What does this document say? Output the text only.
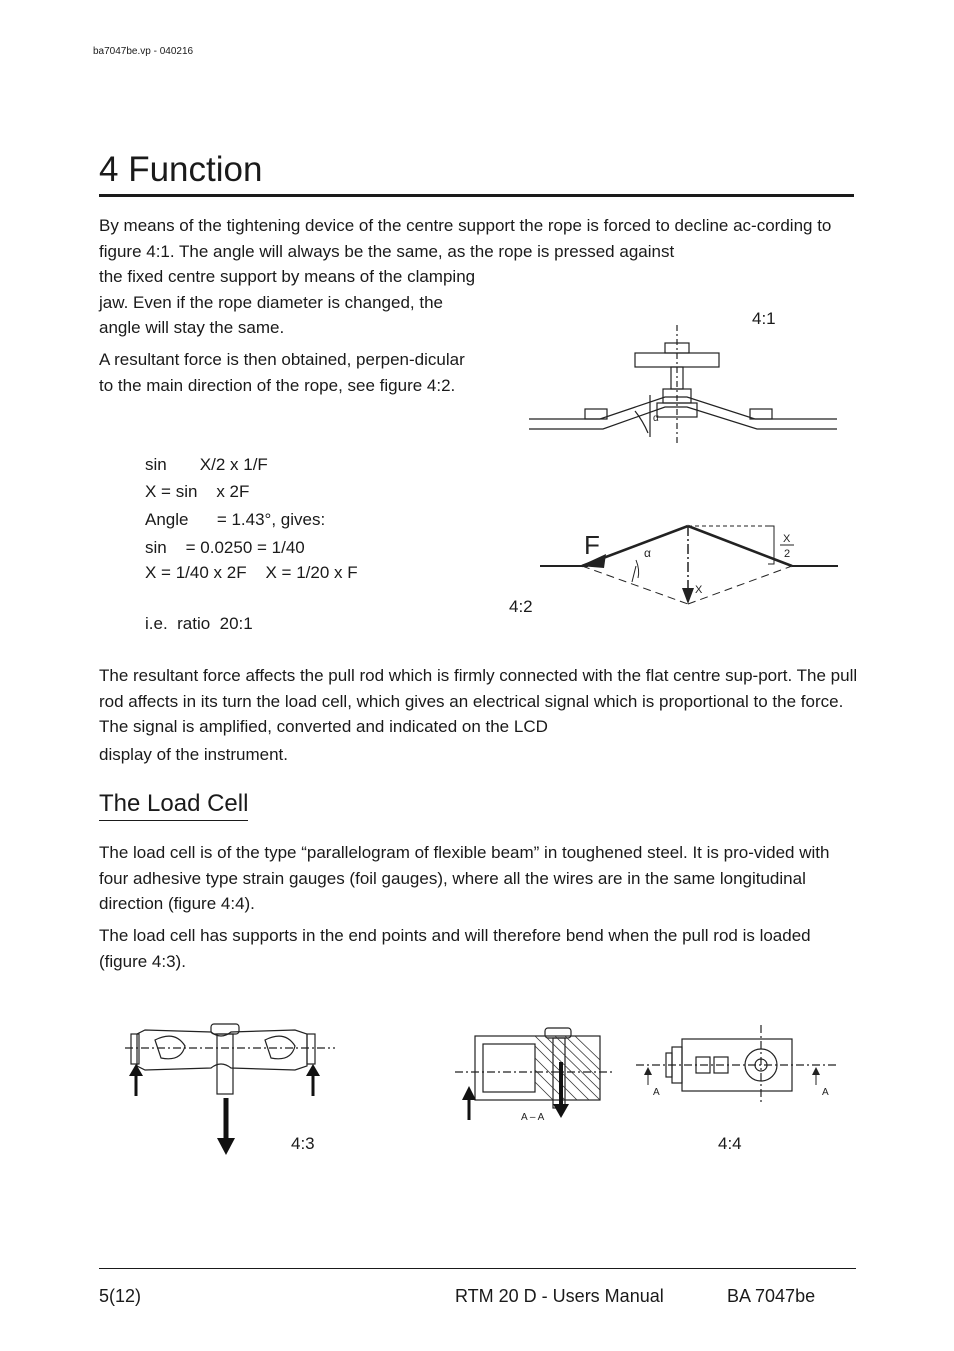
ba7047be.vp - 040216
4 Function
By means of the tightening device of the centre support the rope is forced to decline ac-cording to figure 4:1. The angle will always be the same, as the rope is pressed against
the fixed centre support by means of the clamping jaw. Even if the rope diameter is changed, the angle will stay the same.
A resultant force is then obtained, perpen-dicular to the main direction of the rope, see figure 4:2.
sin       X/2 x 1/F
X = sin    x 2F
Angle      = 1.43°, gives:
sin    = 0.0250 = 1/40
X = 1/40 x 2F    X = 1/20 x F
i.e.  ratio  20:1
4:1
α
F
X
X
2
α
4:2
The resultant force affects the pull rod which is firmly connected with the flat centre sup-port. The pull rod affects in its turn the load cell, which gives an electrical signal which is proportional to the force. The signal is amplified, converted and indicated on the LCD
display of the instrument.
The Load Cell
The load cell is of the type “parallelogram of flexible beam” in toughened steel. It is pro-vided with four adhesive type strain gauges (foil gauges), where all the wires are in the same longitudinal direction (figure 4:4).
The load cell has supports in the end points and will therefore bend when the pull rod is loaded (figure 4:3).
4:3
A – A
A	A
4:4
5(12)	RTM 20 D - Users Manual	BA 7047be
